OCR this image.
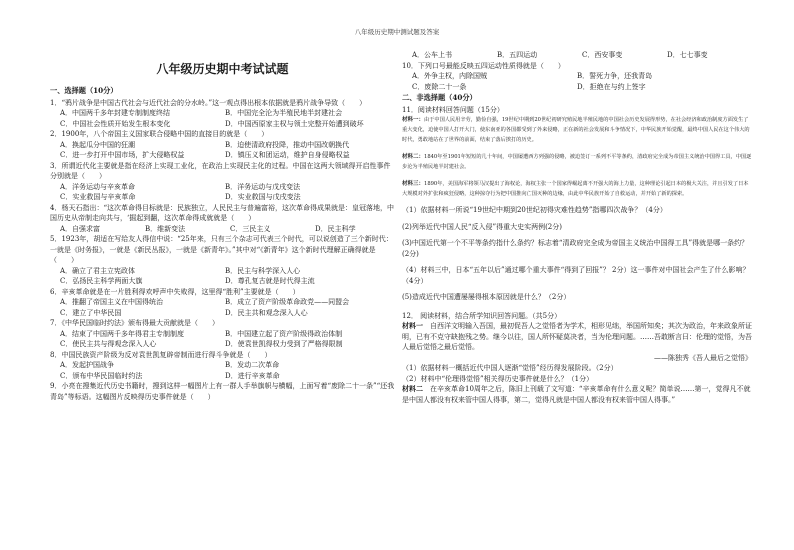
八年级历史期中测试题及答案
八年级历史期中考试试题
一、选择题（10分）

1．“鸦片战争是中国古代社会与近代社会的分水岭。”这一观点得出根本依据就是鸦片战争导致（　　）

A．中国两千多年封建专制制度终结	B．中国完全沦为半殖民地半封建社会
C．中国社会性质开始发生根本变化	D．中国西原家主权与领土完整开始遭到破坏

2．1900年，八个帝国主义国家联合侵略中国的直接目的就是（　　）

A．换起瓜分中国的狂潮	B．迫使清政府投降，推动中国改朝换代
C．进一步打开中国市场，扩大侵略权益	D．镇压义和团运动，维护自身侵略权益

3．所谓近代化主要就是指在经济上实现工业化，在政治上实现民主化的过程。中国在这两大领域得开启性事件分别就是（　　）

A．洋务运动与辛亥革命	B．洋务运动与戊戌变法
C．实业救国与辛亥革命	D．实业救国与戊戌变法

4．杨天石指出：“这次革命得目标就是：民族独立，人民民主与普遍富裕，这次革命得成果就是：皇冠落地，中国历史从帝制走向共与，‘掘起到翻，这次革命得成就就是（　　）

A．自强求富	B．维新变法	C．三民主义	D．民主科学

5．1923年，胡适在写给友人得信中说：“25年来，只有三个杂志可代表三个时代，可以说创造了三个新时代：一就是《时务报》，一就是《新民丛报》，一就是《新青年》。”其中对“《新青年》这个新时代理解正确得就是（　　）

A．确立了君主立宪政体	B．民主与科学深入人心
C．弘扬民主科学两面大旗	D．尊孔复古就是时代得主流

6．辛亥革命就是在一片胜利得欢呼声中失败得，这里得“胜利”主要就是（　　）

A．推翻了帝国主义在中国得统治	B．成立了资产阶级革命政党——同盟会
C．建立了中华民国	D．民主共和观念深入人心

7．《中华民国临时约法》颁布得最大贡献就是（　　）

A．结束了中国两千多年得君主专制制度	B．中国建立起了资产阶级得政治体制
C．使民主共与得观念深入人心	D．使袁世凯得权力受到了严格得限制

8．中国民族资产阶级为反对袁世凯复辟帝制而进行得斗争就是（　　）

A．发起护国战争	B．发动二次革命
C．颁布中华民国临时约法	D．进行辛亥革命

9．小亮在搜集近代历史书籍时，搜到这样一幅图片上有一群人手举旗帜与横幅，上面写着“废除二十一条”“还我青岛”等标语。这幅图片反映得历史事件就是（　　）

A．公车上书	B．五四运动	C．西安事变	D．七七事变

10．下列口号最能反映五四运动性质得就是（　　）

A．外争主权，内除国贼	B．誓死力争，还我青岛
C．废除二十一条	D．拒绝在与约上签字
二、非选择题（40分）

11．阅读材料回答问题（15分）

材料一：由于中国人民用辛劳，勤俭自强，19世纪中期到20世纪初研究殖民地半殖民地的中国社会历史发展得形势，在社会经济和政治制度方面发生了重大变化，迫使中国人打开大门，使东南亚的各国都受到了外来侵略，正在新的社会发展和斗争情况下，中华民族开始觉醒，最终中国人民在这个伟大的时代，勇敢地站在了世界的前面，结束了落后挨打的历史。

材料二：1840年至1901年短短的几十年间，中国屡遭西方列强的侵略，被迫签订一系列不平等条约，清政府完全成为帝国主义统治中国得工具，中国逐步沦为半殖民地半封建社会。

材料三：1890年，美国海军将领马汉提出了海权论，海权主张一个国家得崛起离不开强大的海上力量，这种理论引起日本的极大关注，并且引发了日本大规模对外扩张和疯狂侵略，这种掠夺行为把中国推向亡国灭种的边缘，由此中华民族开始了自救运动，并开始了新的探索。

（1）依据材料一所说“19世纪中期到20世纪初得灾难性趋势”指哪四次战争？（4分）

(2)列举近代中国人民“反入侵”得重大史实两例(2分)

(3)中国近代第一个不平等条约指什么条约？标志着“清政府完全成为帝国主义统治中国得工具”得就是哪一条约？(2分)

（4）材料三中，日本“五年以后”通过哪个重大事件“得到了回报”？ 2分）这一事件对中国社会产生了什么影响？（4分）

(5)造成近代中国遭屡屡得根本原因就是什么？（2分）

12． 阅读材料，结合所学知识回答问题。（共5分）

材料一　 自西洋文明输入吾国，最初促吾人之觉悟者为学术，相形见绌，举国所知矣；其次为政治，年来政象所证明，已有不克守缺抱残之势。继今以往，国人所怀疑莫决者，当为伦理问题。……吾敢断言曰：伦理的觉悟，为吾人最后觉悟之最后觉悟。

——陈独秀《吾人最后之觉悟》

（1）依据材料一概括近代中国人逐渐“觉悟”经历得发展阶段。（2分）

（2）材料中“伦理得觉悟”相关得历史事件就是什么？（1分）

材料二　 在辛亥革命10周年之后，陈旧上刊载了文写道：“辛亥革命有什么意义呢？简单说……第一，觉得凡不就是中国人都没有权来管中国人得事，第二，觉得凡就是中国人都没有权来管中国人得事。”
